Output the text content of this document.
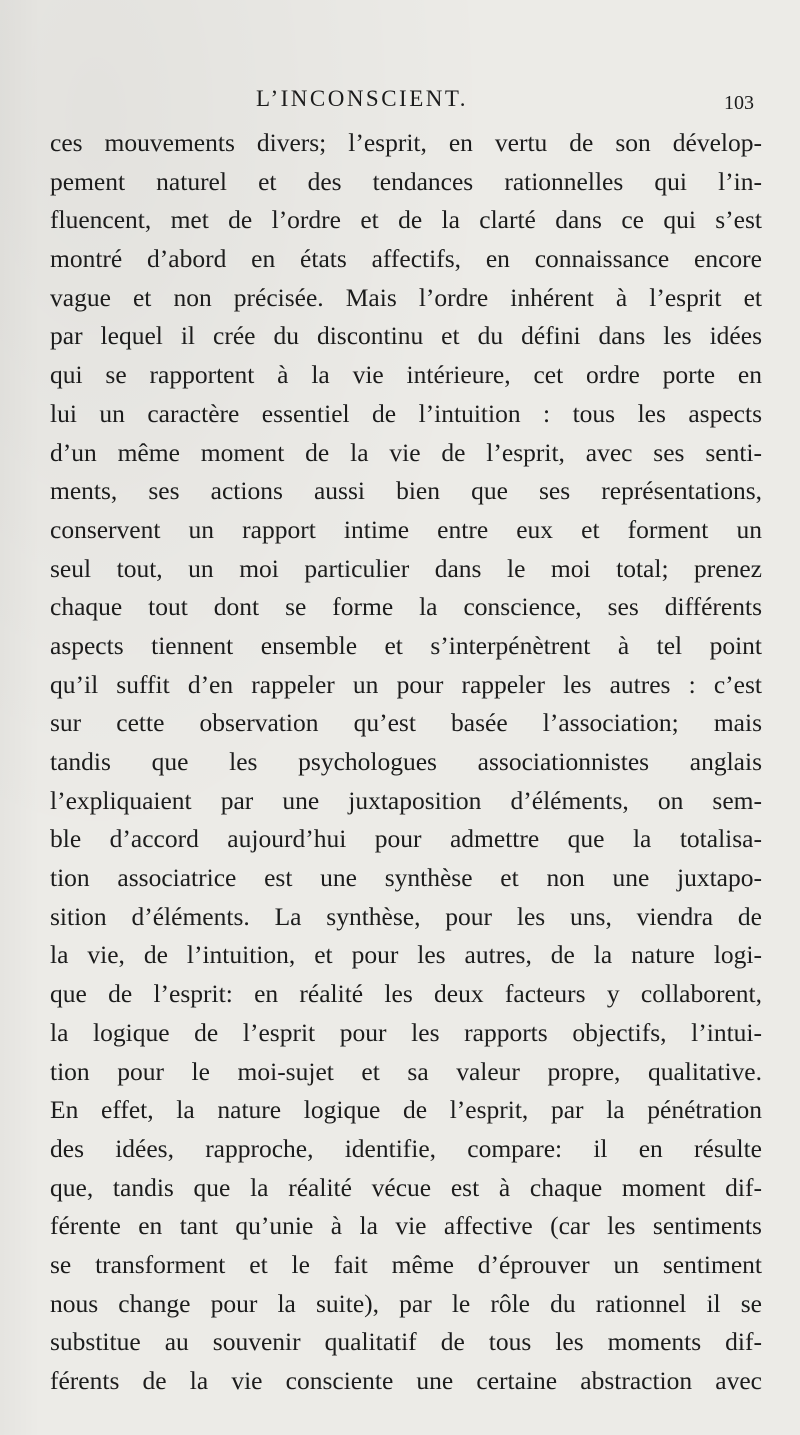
L’INCONSCIENT.	103
ces mouvements divers; l’esprit, en vertu de son dévelop-
pement naturel et des tendances rationnelles qui l’in-
fluencent, met de l’ordre et de la clarté dans ce qui s’est
montré d’abord en états affectifs, en connaissance encore
vague et non précisée. Mais l’ordre inhérent à l’esprit et
par lequel il crée du discontinu et du défini dans les idées
qui se rapportent à la vie intérieure, cet ordre porte en
lui un caractère essentiel de l’intuition : tous les aspects
d’un même moment de la vie de l’esprit, avec ses senti-
ments, ses actions aussi bien que ses représentations,
conservent un rapport intime entre eux et forment un
seul tout, un moi particulier dans le moi total; prenez
chaque tout dont se forme la conscience, ses différents
aspects tiennent ensemble et s’interpénètrent à tel point
qu’il suffit d’en rappeler un pour rappeler les autres : c’est
sur cette observation qu’est basée l’association; mais
tandis que les psychologues associationnistes anglais
l’expliquaient par une juxtaposition d’éléments, on sem-
ble d’accord aujourd’hui pour admettre que la totalisa-
tion associatrice est une synthèse et non une juxtapo-
sition d’éléments. La synthèse, pour les uns, viendra de
la vie, de l’intuition, et pour les autres, de la nature logi-
que de l’esprit: en réalité les deux facteurs y collaborent,
la logique de l’esprit pour les rapports objectifs, l’intui-
tion pour le moi-sujet et sa valeur propre, qualitative.
En effet, la nature logique de l’esprit, par la pénétration
des idées, rapproche, identifie, compare: il en résulte
que, tandis que la réalité vécue est à chaque moment dif-
férente en tant qu’unie à la vie affective (car les sentiments
se transforment et le fait même d’éprouver un sentiment
nous change pour la suite), par le rôle du rationnel il se
substitue au souvenir qualitatif de tous les moments dif-
férents de la vie consciente une certaine abstraction avec
